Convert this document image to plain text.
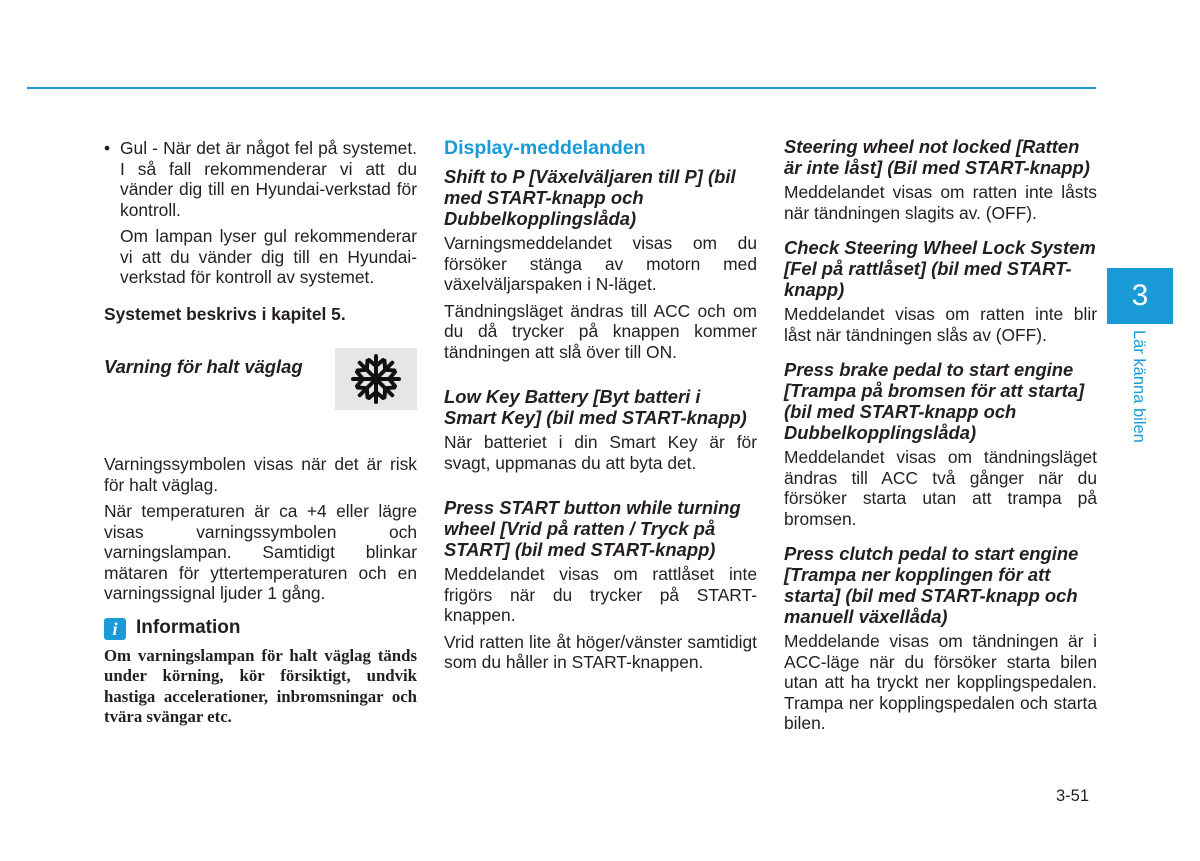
• Gul - När det är något fel på systemet. I så fall rekommenderar vi att du vänder dig till en Hyundai-verkstad för kontroll.

Om lampan lyser gul rekommenderar vi att du vänder dig till en Hyundai-verkstad för kontroll av systemet.

Systemet beskrivs i kapitel 5.

Varning för halt väglag

Varningssymbolen visas när det är risk för halt väglag.

När temperaturen är ca +4 eller lägre visas varningssymbolen och varningslampan. Samtidigt blinkar mätaren för yttertemperaturen och en varningssignal ljuder 1 gång.

i Information

Om varningslampan för halt väglag tänds under körning, kör försiktigt, undvik hastiga accelerationer, inbromsningar och tvära svängar etc.

Display-meddelanden
Shift to P [Växelväljaren till P] (bil med START-knapp och Dubbelkopplingslåda)

Varningsmeddelandet visas om du försöker stänga av motorn med växelväljarspaken i N-läget.

Tändningsläget ändras till ACC och om du då trycker på knappen kommer tändningen att slå över till ON.

Low Key Battery [Byt batteri i Smart Key] (bil med START-knapp)

När batteriet i din Smart Key är för svagt, uppmanas du att byta det.

Press START button while turning wheel [Vrid på ratten / Tryck på START] (bil med START-knapp)

Meddelandet visas om rattlåset inte frigörs när du trycker på START-knappen.

Vrid ratten lite åt höger/vänster samtidigt som du håller in START-knappen.

Steering wheel not locked [Ratten är inte låst] (Bil med START-knapp)

Meddelandet visas om ratten inte låsts när tändningen slagits av. (OFF).

Check Steering Wheel Lock System [Fel på rattlåset] (bil med START-knapp)

Meddelandet visas om ratten inte blir låst när tändningen slås av (OFF).

Press brake pedal to start engine [Trampa på bromsen för att starta] (bil med START-knapp och Dubbelkopplingslåda)

Meddelandet visas om tändningsläget ändras till ACC två gånger när du försöker starta utan att trampa på bromsen.

Press clutch pedal to start engine [Trampa ner kopplingen för att starta] (bil med START-knapp och manuell växellåda)

Meddelande visas om tändningen är i ACC-läge när du försöker starta bilen utan att ha tryckt ner kopplingspedalen. Trampa ner kopplingspedalen och starta bilen.

3
Lär känna bilen
3-51
